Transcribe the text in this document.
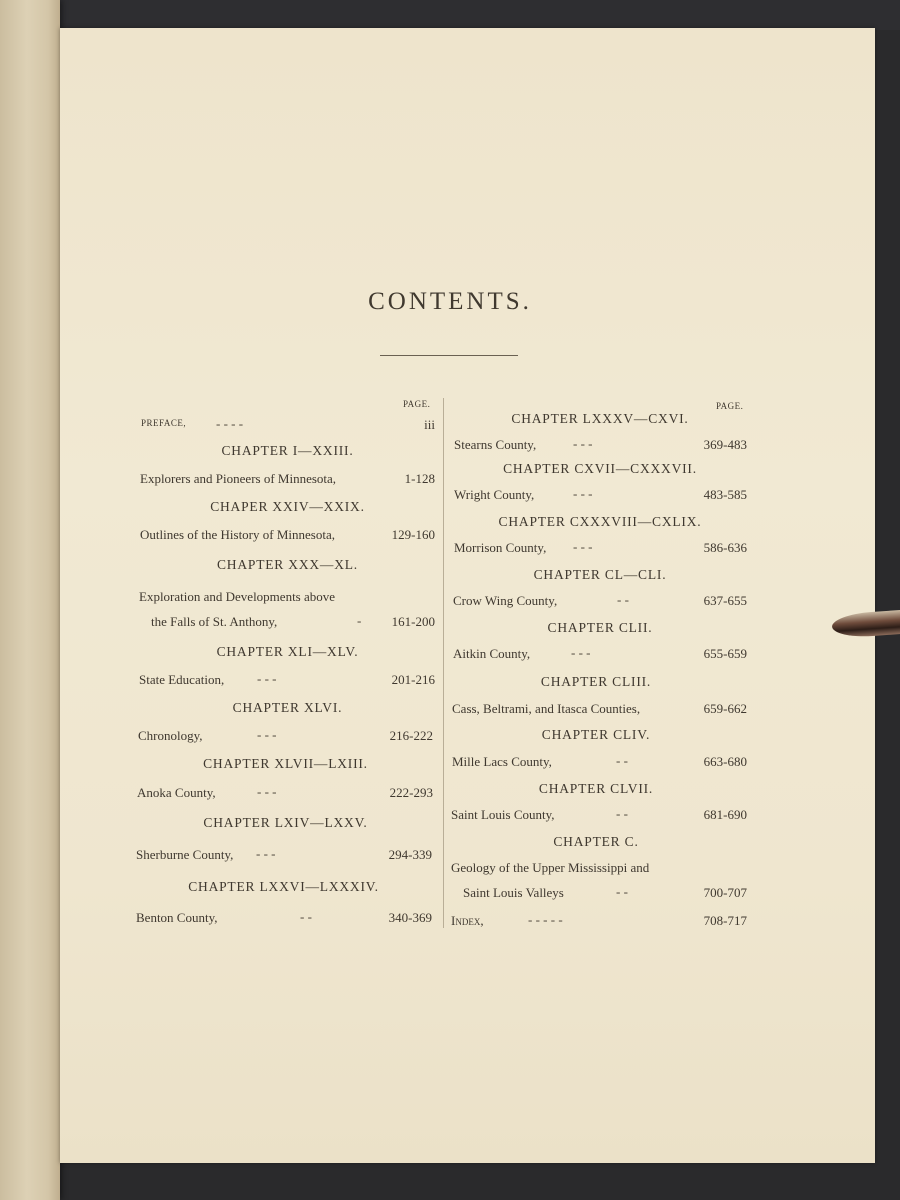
CONTENTS.
PAGE.
PREFACE, - - - -	iii
CHAPTER I—XXIII.
Explorers and Pioneers of Minnesota,	1-128
CHAPER XXIV—XXIX.
Outlines of the History of Minnesota,	129-160
CHAPTER XXX—XL.
Exploration and Developments above
the Falls of St. Anthony,	-	161-200
CHAPTER XLI—XLV.
State Education,	- - -	201-216
CHAPTER XLVI.
Chronology,	- - -	216-222
CHAPTER XLVII—LXIII.
Anoka County,	- - -	222-293
CHAPTER LXIV—LXXV.
Sherburne County, - - -	294-339
CHAPTER LXXVI—LXXXIV.
Benton County,	- -	340-369
PAGE.
CHAPTER LXXXV—CXVI.
Stearns County,	- - -	369-483
CHAPTER CXVII—CXXXVII.
Wright County,	- - -	483-585
CHAPTER CXXXVIII—CXLIX.
Morrison County, - - -	586-636
CHAPTER CL—CLI.
Crow Wing County,	- -	637-655
CHAPTER CLII.
Aitkin County,	- - -	655-659
CHAPTER CLIII.
Cass, Beltrami, and Itasca Counties,	659-662
CHAPTER CLIV.
Mille Lacs County,	- -	663-680
CHAPTER CLVII.
Saint Louis County,	- -	681-690
CHAPTER C.
Geology of the Upper Mississippi and
Saint Louis Valleys	- -	700-707
Index,	- - - - -	708-717
